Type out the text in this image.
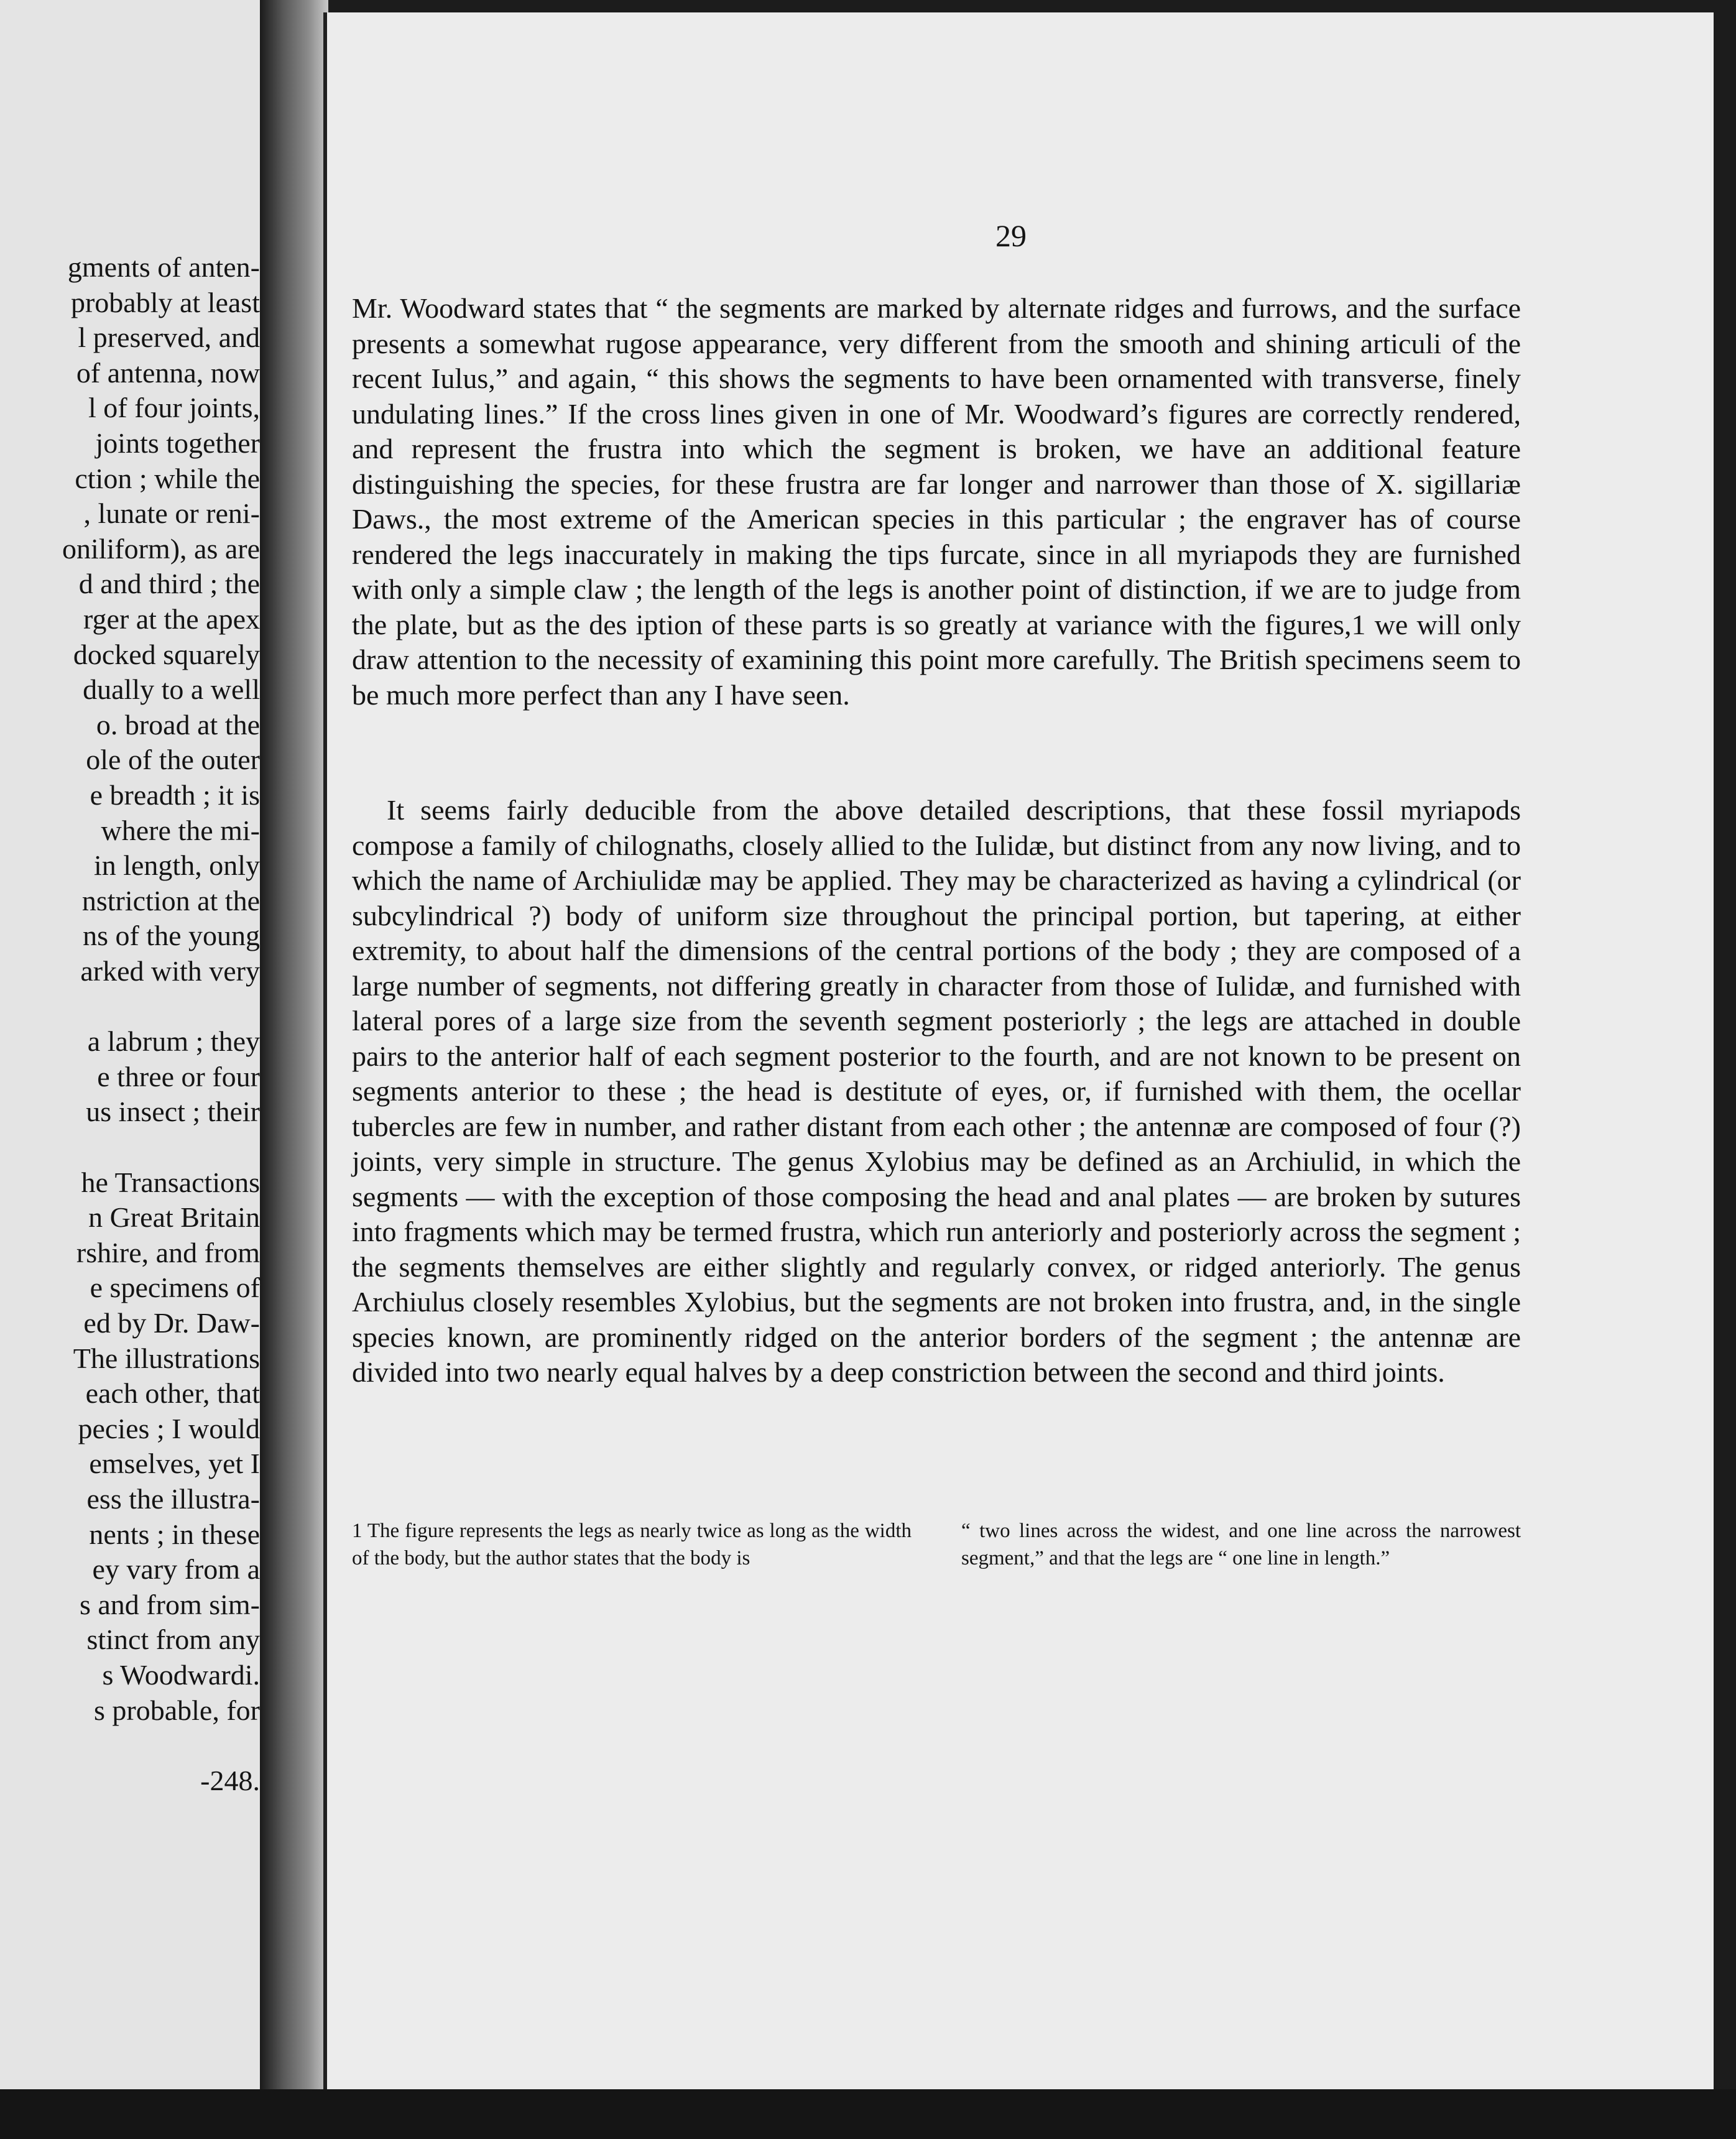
gments of anten-
probably at least
l preserved, and
of antenna, now
l of four joints,
joints together
ction ; while the
, lunate or reni-
oniliform), as are
d and third ; the
rger at the apex
docked squarely
dually to a well
o. broad at the
ole of the outer
e breadth ; it is
where the mi-
in length, only
nstriction at the
ns of the young
arked with very
a labrum ; they
e three or four
us insect ; their
he Transactions
n Great Britain
rshire, and from
e specimens of
ed by Dr. Daw-
The illustrations
each other, that
pecies ; I would
emselves, yet I
ess the illustra-
nents ; in these
ey vary from a
s and from sim-
stinct from any
s Woodwardi.
s probable, for
-248.
29

Mr. Woodward states that “ the segments are marked by alternate ridges and furrows, and the surface presents a somewhat rugose appearance, very different from the smooth and shining articuli of the recent Iulus,” and again, “ this shows the segments to have been ornamented with transverse, finely undulating lines.” If the cross lines given in one of Mr. Woodward’s figures are correctly rendered, and represent the frustra into which the segment is broken, we have an additional feature distinguishing the species, for these frustra are far longer and narrower than those of X. sigillariæ Daws., the most extreme of the American species in this particular ; the engraver has of course rendered the legs inaccurately in making the tips furcate, since in all myriapods they are furnished with only a simple claw ; the length of the legs is another point of distinction, if we are to judge from the plate, but as the des iption of these parts is so greatly at variance with the figures,1 we will only draw attention to the necessity of examining this point more carefully. The British specimens seem to be much more perfect than any I have seen.

It seems fairly deducible from the above detailed descriptions, that these fossil myriapods compose a family of chilognaths, closely allied to the Iulidæ, but distinct from any now living, and to which the name of Archiulidæ may be applied. They may be characterized as having a cylindrical (or subcylindrical ?) body of uniform size throughout the principal portion, but tapering, at either extremity, to about half the dimensions of the central portions of the body ; they are composed of a large number of segments, not differing greatly in character from those of Iulidæ, and furnished with lateral pores of a large size from the seventh segment posteriorly ; the legs are attached in double pairs to the anterior half of each segment posterior to the fourth, and are not known to be present on segments anterior to these ; the head is destitute of eyes, or, if furnished with them, the ocellar tubercles are few in number, and rather distant from each other ; the antennæ are composed of four (?) joints, very simple in structure. The genus Xylobius may be defined as an Archiulid, in which the segments — with the exception of those composing the head and anal plates — are broken by sutures into fragments which may be termed frustra, which run anteriorly and posteriorly across the segment ; the segments themselves are either slightly and regularly convex, or ridged anteriorly. The genus Archiulus closely resembles Xylobius, but the segments are not broken into frustra, and, in the single species known, are prominently ridged on the anterior borders of the segment ; the antennæ are divided into two nearly equal halves by a deep constriction between the second and third joints.

1 The figure represents the legs as nearly twice as long as the width of the body, but the author states that the body is
“ two lines across the widest, and one line across the narrowest segment,” and that the legs are “ one line in length.”
